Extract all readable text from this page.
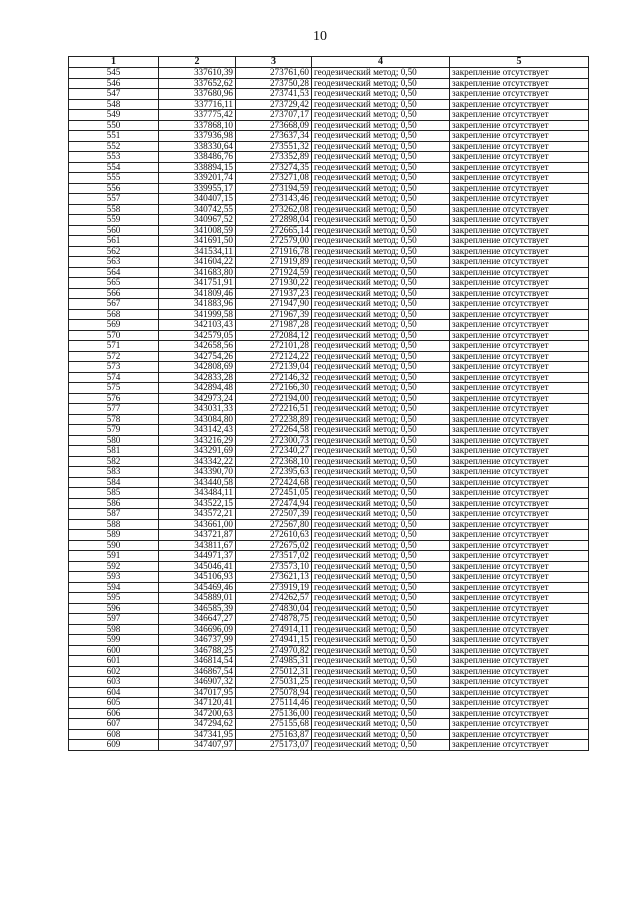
10
1	2	3	4	5
545	337610,39	273761,60	геодезический метод; 0,50	закрепление отсутствует
546	337652,62	273750,28	геодезический метод; 0,50	закрепление отсутствует
547	337680,96	273741,53	геодезический метод; 0,50	закрепление отсутствует
548	337716,11	273729,42	геодезический метод; 0,50	закрепление отсутствует
549	337775,42	273707,17	геодезический метод; 0,50	закрепление отсутствует
550	337868,10	273668,09	геодезический метод; 0,50	закрепление отсутствует
551	337936,98	273637,34	геодезический метод; 0,50	закрепление отсутствует
552	338330,64	273551,32	геодезический метод; 0,50	закрепление отсутствует
553	338486,76	273352,89	геодезический метод; 0,50	закрепление отсутствует
554	338894,15	273274,35	геодезический метод; 0,50	закрепление отсутствует
555	339201,74	273271,08	геодезический метод; 0,50	закрепление отсутствует
556	339955,17	273194,59	геодезический метод; 0,50	закрепление отсутствует
557	340407,15	273143,46	геодезический метод; 0,50	закрепление отсутствует
558	340742,55	273262,08	геодезический метод; 0,50	закрепление отсутствует
559	340967,52	272898,04	геодезический метод; 0,50	закрепление отсутствует
560	341008,59	272665,14	геодезический метод; 0,50	закрепление отсутствует
561	341691,50	272579,00	геодезический метод; 0,50	закрепление отсутствует
562	341534,11	271916,78	геодезический метод; 0,50	закрепление отсутствует
563	341604,22	271919,89	геодезический метод; 0,50	закрепление отсутствует
564	341683,80	271924,59	геодезический метод; 0,50	закрепление отсутствует
565	341751,91	271930,22	геодезический метод; 0,50	закрепление отсутствует
566	341809,46	271937,23	геодезический метод; 0,50	закрепление отсутствует
567	341883,96	271947,90	геодезический метод; 0,50	закрепление отсутствует
568	341999,58	271967,39	геодезический метод; 0,50	закрепление отсутствует
569	342103,43	271987,28	геодезический метод; 0,50	закрепление отсутствует
570	342579,05	272084,12	геодезический метод; 0,50	закрепление отсутствует
571	342658,56	272101,28	геодезический метод; 0,50	закрепление отсутствует
572	342754,26	272124,22	геодезический метод; 0,50	закрепление отсутствует
573	342808,69	272139,04	геодезический метод; 0,50	закрепление отсутствует
574	342833,28	272146,32	геодезический метод; 0,50	закрепление отсутствует
575	342894,48	272166,30	геодезический метод; 0,50	закрепление отсутствует
576	342973,24	272194,00	геодезический метод; 0,50	закрепление отсутствует
577	343031,33	272216,51	геодезический метод; 0,50	закрепление отсутствует
578	343084,80	272238,89	геодезический метод; 0,50	закрепление отсутствует
579	343142,43	272264,58	геодезический метод; 0,50	закрепление отсутствует
580	343216,29	272300,73	геодезический метод; 0,50	закрепление отсутствует
581	343291,69	272340,27	геодезический метод; 0,50	закрепление отсутствует
582	343342,22	272368,10	геодезический метод; 0,50	закрепление отсутствует
583	343390,70	272395,63	геодезический метод; 0,50	закрепление отсутствует
584	343440,58	272424,68	геодезический метод; 0,50	закрепление отсутствует
585	343484,11	272451,05	геодезический метод; 0,50	закрепление отсутствует
586	343522,15	272474,94	геодезический метод; 0,50	закрепление отсутствует
587	343572,21	272507,39	геодезический метод; 0,50	закрепление отсутствует
588	343661,00	272567,80	геодезический метод; 0,50	закрепление отсутствует
589	343721,87	272610,63	геодезический метод; 0,50	закрепление отсутствует
590	343811,67	272675,02	геодезический метод; 0,50	закрепление отсутствует
591	344971,37	273517,02	геодезический метод; 0,50	закрепление отсутствует
592	345046,41	273573,10	геодезический метод; 0,50	закрепление отсутствует
593	345106,93	273621,13	геодезический метод; 0,50	закрепление отсутствует
594	345469,46	273919,19	геодезический метод; 0,50	закрепление отсутствует
595	345889,01	274262,57	геодезический метод; 0,50	закрепление отсутствует
596	346585,39	274830,04	геодезический метод; 0,50	закрепление отсутствует
597	346647,27	274878,75	геодезический метод; 0,50	закрепление отсутствует
598	346696,09	274914,11	геодезический метод; 0,50	закрепление отсутствует
599	346737,99	274941,15	геодезический метод; 0,50	закрепление отсутствует
600	346788,25	274970,82	геодезический метод; 0,50	закрепление отсутствует
601	346814,54	274985,31	геодезический метод; 0,50	закрепление отсутствует
602	346867,54	275012,31	геодезический метод; 0,50	закрепление отсутствует
603	346907,32	275031,25	геодезический метод; 0,50	закрепление отсутствует
604	347017,95	275078,94	геодезический метод; 0,50	закрепление отсутствует
605	347120,41	275114,46	геодезический метод; 0,50	закрепление отсутствует
606	347200,63	275136,00	геодезический метод; 0,50	закрепление отсутствует
607	347294,62	275155,68	геодезический метод; 0,50	закрепление отсутствует
608	347341,95	275163,87	геодезический метод; 0,50	закрепление отсутствует
609	347407,97	275173,07	геодезический метод; 0,50	закрепление отсутствует
